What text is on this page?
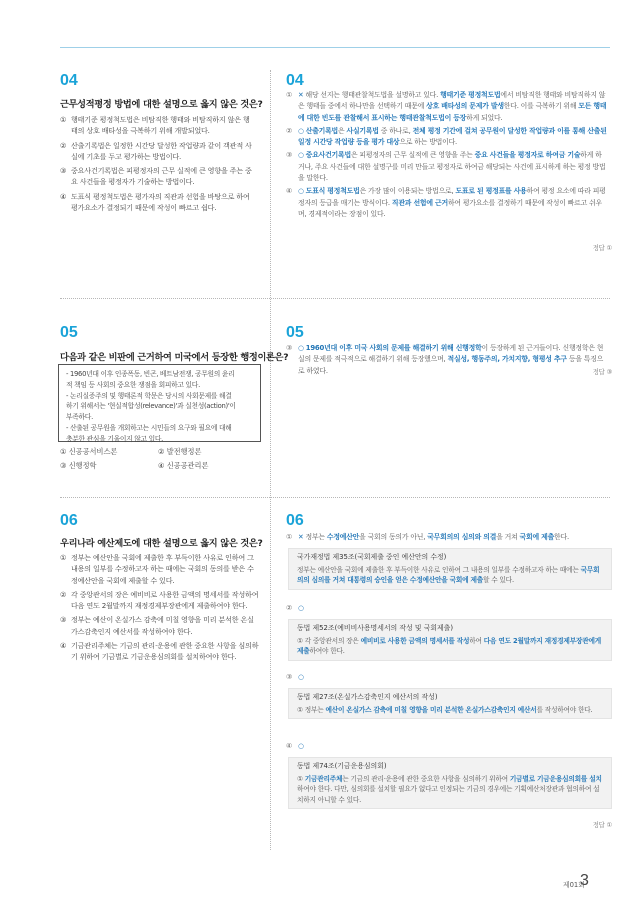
04
근무성적평정 방법에 대한 설명으로 옳지 않은 것은?
① 행태기준 평정척도법은 비탐직한 행태와 비탐직하지 않은 행태의 상호 배타성을 극복하기 위해 개발되었다.
② 산출기록법은 일정한 시간당 달성한 작업량과 같이 객관적 사실에 기초를 두고 평가하는 방법이다.
③ 중요사건기록법은 피평정자의 근무 실적에 큰 영향을 주는 중요 사건들을 평정자가 기술하는 방법이다.
④ 도표식 평정척도법은 평가자의 직관과 선험을 바탕으로 하여 평가요소가 결정되기 때문에 작성이 빠르고 쉽다.
04
① ✕ 해당 선지는 행태관찰척도법을 설명하고 있다. 행태기준 평정척도법에서 비탐직한 행태와 비탐직하지 않은 행태들 중에서 하나만을 선택하기 때문에 상호 배타성의 문제가 발생한다. 이를 극복하기 위해 모든 행태에 대한 빈도를 관찰해서 표시하는 행태관찰척도법이 등장하게 되었다.
② ○ 산출기록법은 사실기록법 중 하나로, 전체 평정 기간에 걸쳐 공무원이 달성한 작업량과 이를 통해 산출된 일정 시간당 작업량 등을 평가 대상으로 하는 방법이다.
③ ○ 중요사건기록법은 피평정자의 근무 실적에 큰 영향을 주는 중요 사건들을 평정자로 하여금 기술하게 하거나, 주요 사건들에 대한 설명구를 미리 만들고 평정자로 하여금 해당되는 사건에 표시하게 하는 평정 방법을 말한다.
④ ○ 도표식 평정척도법은 가장 많이 이용되는 방법으로, 도표로 된 평정표를 사용하여 평정 요소에 따라 피평정자의 등급을 매기는 방식이다. 직관과 선험에 근거하여 평가요소를 결정하기 때문에 작성이 빠르고 쉬우며, 경제적이라는 장점이 있다.
정답 ①
05
다음과 같은 비판에 근거하여 미국에서 등장한 행정이론은?
- 1960년대 이후 인종폭동, 빈곤, 베트남전쟁, 공무원의 윤리
적 책임 등 사회의 중요한 쟁점을 회피하고 있다.
- 논리실증주의 및 행태론적 학문은 당시의 사회문제를 해결
하기 위해서는 '현실적합성(relevance)'과 실천성(action)'이
부족하다.
- 산출된 공무원을 개회하고는 시민들의 요구와 필요에 대해
충분한 관심을 기울이지 않고 있다.
① 신공공서비스론	② 발전행정론
③ 신행정학	④ 신공공관리론
05
③ ○ 1960년대 이후 미국 사회의 문제를 해결하기 위해 신행정학이 등장하게 된 근거들이다. 신행정학은 현실의 문제를 적극적으로 해결하기 위해 등장했으며, 적실성, 행동주의, 가치지향, 형평성 추구 등을 특징으로 하였다.	정답 ③
06
우리나라 예산제도에 대한 설명으로 옳지 않은 것은?
① 정부는 예산안을 국회에 제출한 후 부득이한 사유로 인하여 그 내용의 일부를 수정하고자 하는 때에는 국회의 동의를 받은 수정예산안을 국회에 제출할 수 있다.
② 각 중앙관서의 장은 예비비로 사용한 금액의 명세서를 작성하여 다음 연도 2월말까지 재정경제부장관에게 제출하여야 한다.
③ 정부는 예산이 온실가스 감축에 미칠 영향을 미리 분석한 온실가스감축인지 예산서를 작성하여야 한다.
④ 기금관리주체는 기금의 관리·운용에 관한 중요한 사항을 심의하기 위하여 기금별로 기금운용심의회를 설치하여야 한다.
06
① ✕ 정부는 수정예산안을 국회의 동의가 아닌, 국무회의의 심의와 의결을 거쳐 국회에 제출한다.
국가재정법 제35조(국회제출 중인 예산안의 수정)
정부는 예산안을 국회에 제출한 후 부득이한 사유로 인하여 그 내용의 일부를 수정하고자 하는 때에는 국무회의의 심의를 거쳐 대통령의 승인을 얻은 수정예산안을 국회에 제출할 수 있다.
② ○
동법 제52조(예비비사용명세서의 작성 및 국회제출)
① 각 중앙관서의 장은 예비비로 사용한 금액의 명세서를 작성하여 다음 연도 2월말까지 재정경제부장관에게 제출하여야 한다.
③ ○
동법 제27조(온실가스감축인지 예산서의 작성)
① 정부는 예산이 온실가스 감축에 미칠 영향을 미리 분석한 온실가스감축인지 예산서를 작성하여야 한다.
④ ○
동법 제74조(기금운용심의회)
① 기금관리주체는 기금의 관리·운용에 관한 중요한 사항을 심의하기 위하여 기금별로 기금운용심의회를 설치하여야 한다. 다만, 심의회를 설치할 필요가 없다고 인정되는 기금의 경우에는 기획예산처장관과 협의하여 설치하지 아니할 수 있다.
정답 ①
제01회
3
